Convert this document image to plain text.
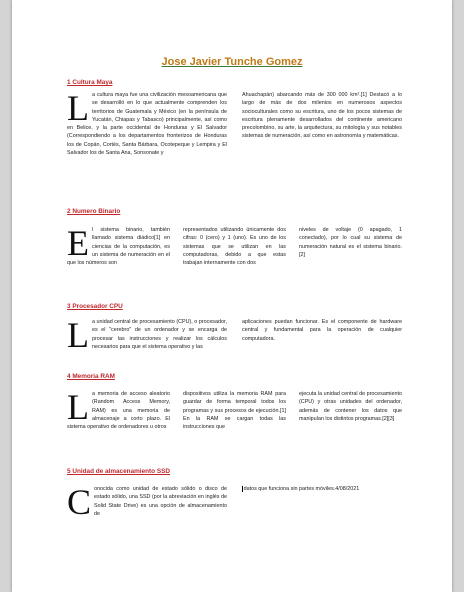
Jose Javier Tunche Gomez
1 Cultura Maya
L a cultura maya fue una civilización mesoamericana que se desarrolló en lo que actualmente comprenden los territorios de Guatemala y México (en la península de Yucatán, Chiapas y Tabasco) principalmente, así como en Belice, y la parte occidental de Honduras y El Salvador (Correspondiendo a los departamentos fronterizos de Honduras los de Copán, Cortés, Santa Bárbara, Ocotepeque y Lempira y El Salvador los de Santa Ana, Sonsonate y
Ahuachapán) abarcando más de 300 000 km².[1] Destacó a lo largo de más de dos milenios en numerosos aspectos socioculturales como su escritura, uno de los pocos sistemas de escritura plenamente desarrollados del continente americano precolombino, su arte, la arquitectura, su mitología y sus notables sistemas de numeración, así como en astronomía y matemáticas.
2 Numero Binario
E l sistema binario, también llamado sistema diádico[1] en ciencias de la computación, es un sistema de numeración en el que los números son
representados utilizando únicamente dos cifras: 0 (cero) y 1 (uno). Es uno de los sistemas que se utilizan en las computadoras, debido a que estas trabajan internamente con dos
niveles de voltaje (0 apagado, 1 conectado), por lo cual su sistema de numeración natural es el sistema binario.[2]
3 Procesador CPU
L a unidad central de procesamiento (CPU), o procesador, es el "cerebro" de un ordenador y se encarga de procesar las instrucciones y realizar los cálculos necesarios para que el sistema operativo y las
aplicaciones puedan funcionar. Es el componente de hardware central y fundamental para la operación de cualquier computadora.
4 Memoria RAM
L a memoria de acceso aleatorio (Random Access Memory, RAM) es una memoria de almacenaje a corto plazo. El sistema operativo de ordenadores u otros
dispositivos utiliza la memoria RAM para guardar de forma temporal todos los programas y sus procesos de ejecución.[1] En la RAM se cargan todas las instrucciones que
ejecuta la unidad central de procesamiento (CPU) y otras unidades del ordenador, además de contener los datos que manipulan los distintos programas.[2][3]
5 Unidad de almacenamiento SSD
C onocida como unidad de estado sólido o disco de estado sólido, una SSD (por la abreviación en inglés de Solid State Drive) es una opción de almacenamiento de
datos que funciona sin partes móviles.4/08/2021
